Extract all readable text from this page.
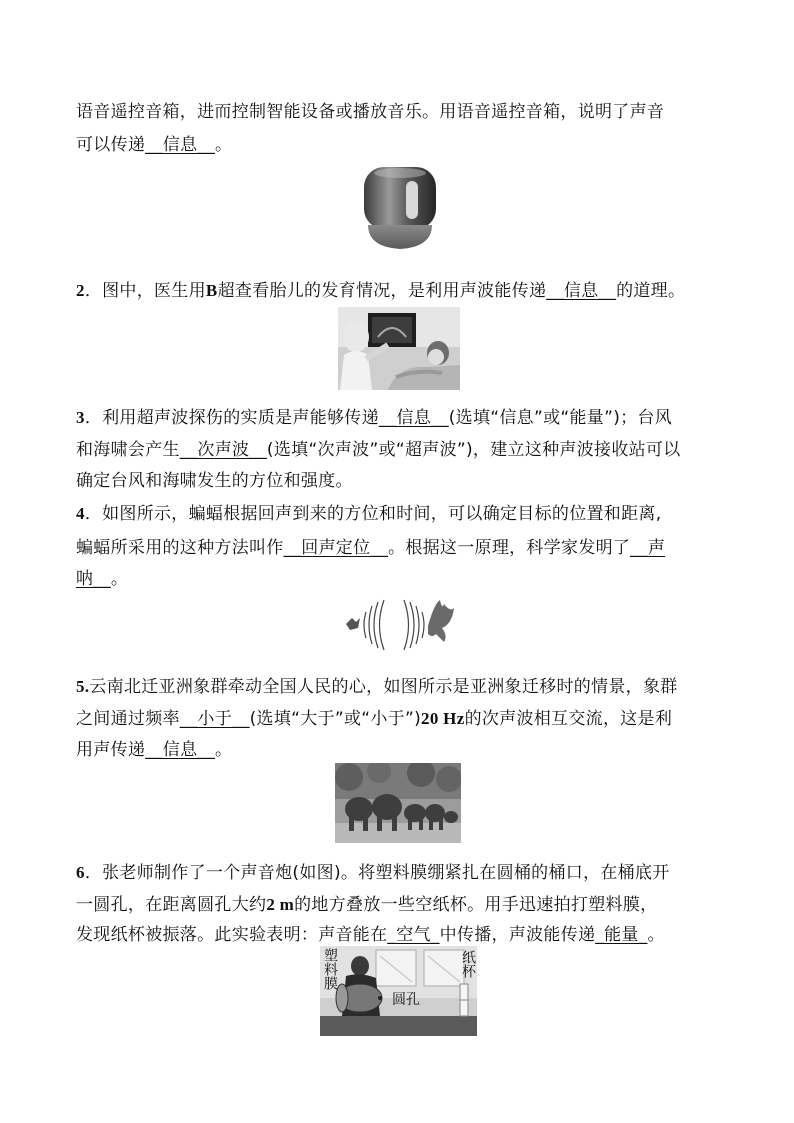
语音遥控音箱，进而控制智能设备或播放音乐。用语音遥控音箱，说明了声音
可以传递__信息__。
2．图中，医生用B超查看胎儿的发育情况，是利用声波能传递__信息__的道理。
3．利用超声波探伤的实质是声能够传递__信息__(选填“信息”或“能量”)；台风
和海啸会产生__次声波__(选填“次声波”或“超声波”)，建立这种声波接收站可以
确定台风和海啸发生的方位和强度。
4．如图所示，蝙蝠根据回声到来的方位和时间，可以确定目标的位置和距离,
蝙蝠所采用的这种方法叫作__回声定位__。根据这一原理，科学家发明了__声
呐__。
5.云南北迁亚洲象群牵动全国人民的心，如图所示是亚洲象迁移时的情景，象群
之间通过频率__小于__(选填“大于”或“小于”)20 Hz的次声波相互交流，这是利
用声传递__信息__。
6．张老师制作了一个声音炮(如图)。将塑料膜绷紧扎在圆桶的桶口，在桶底开
一圆孔，在距离圆孔大约2 m的地方叠放一些空纸杯。用手迅速拍打塑料膜，
发现纸杯被振落。此实验表明：声音能在_空气_中传播，声波能传递_能量_。
塑料膜
圆孔
纸杯
